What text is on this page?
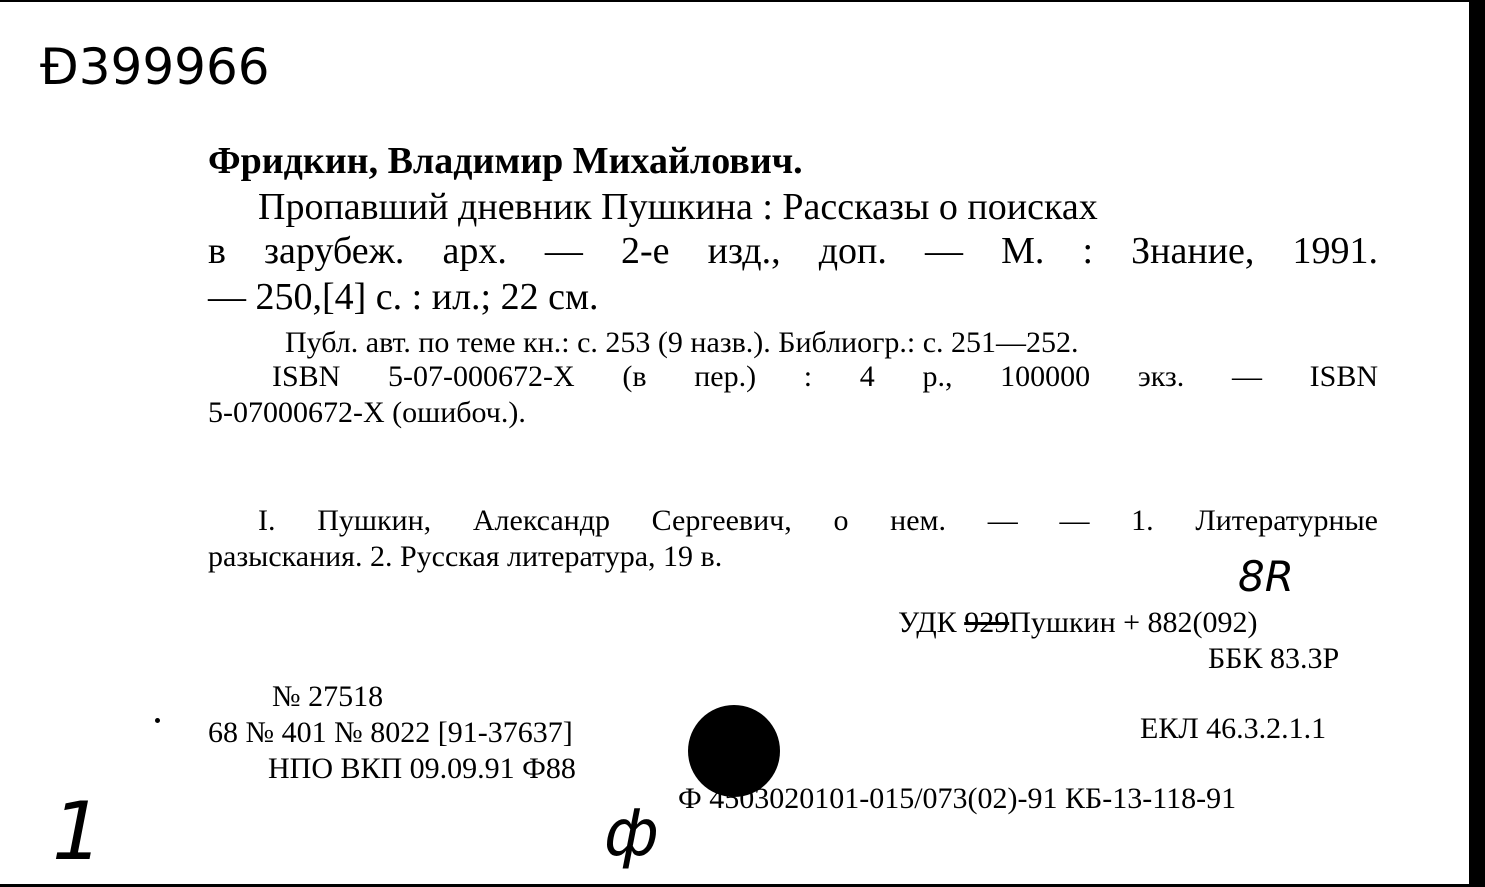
Ð399966
Фридкин, Владимир Михайлович.
Пропавший дневник Пушкина : Рассказы о поисках
в зарубеж. арх. — 2-е изд., доп. — М. : Знание, 1991.
— 250,[4] с. : ил.; 22 см.
Публ. авт. по теме кн.: с. 253 (9 назв.). Библиогр.: с. 251—252.
ISBN 5-07-000672-X (в пер.) : 4 р., 100000 экз. — ISBN
5-07000672-X (ошибоч.).
I. Пушкин, Александр Сергеевич, о нем. — — 1. Литературные
разыскания. 2. Русская литература, 19 в.	8R
УДК 929Пушкин + 882(092)
ББК 83.3Р
№ 27518
68 № 401 № 8022 [91-37637]
НПО ВКП 09.09.91 Ф88
ЕКЛ 46.3.2.1.1
Ф 4503020101-015/073(02)-91 КБ-13-118-91
1	ф
